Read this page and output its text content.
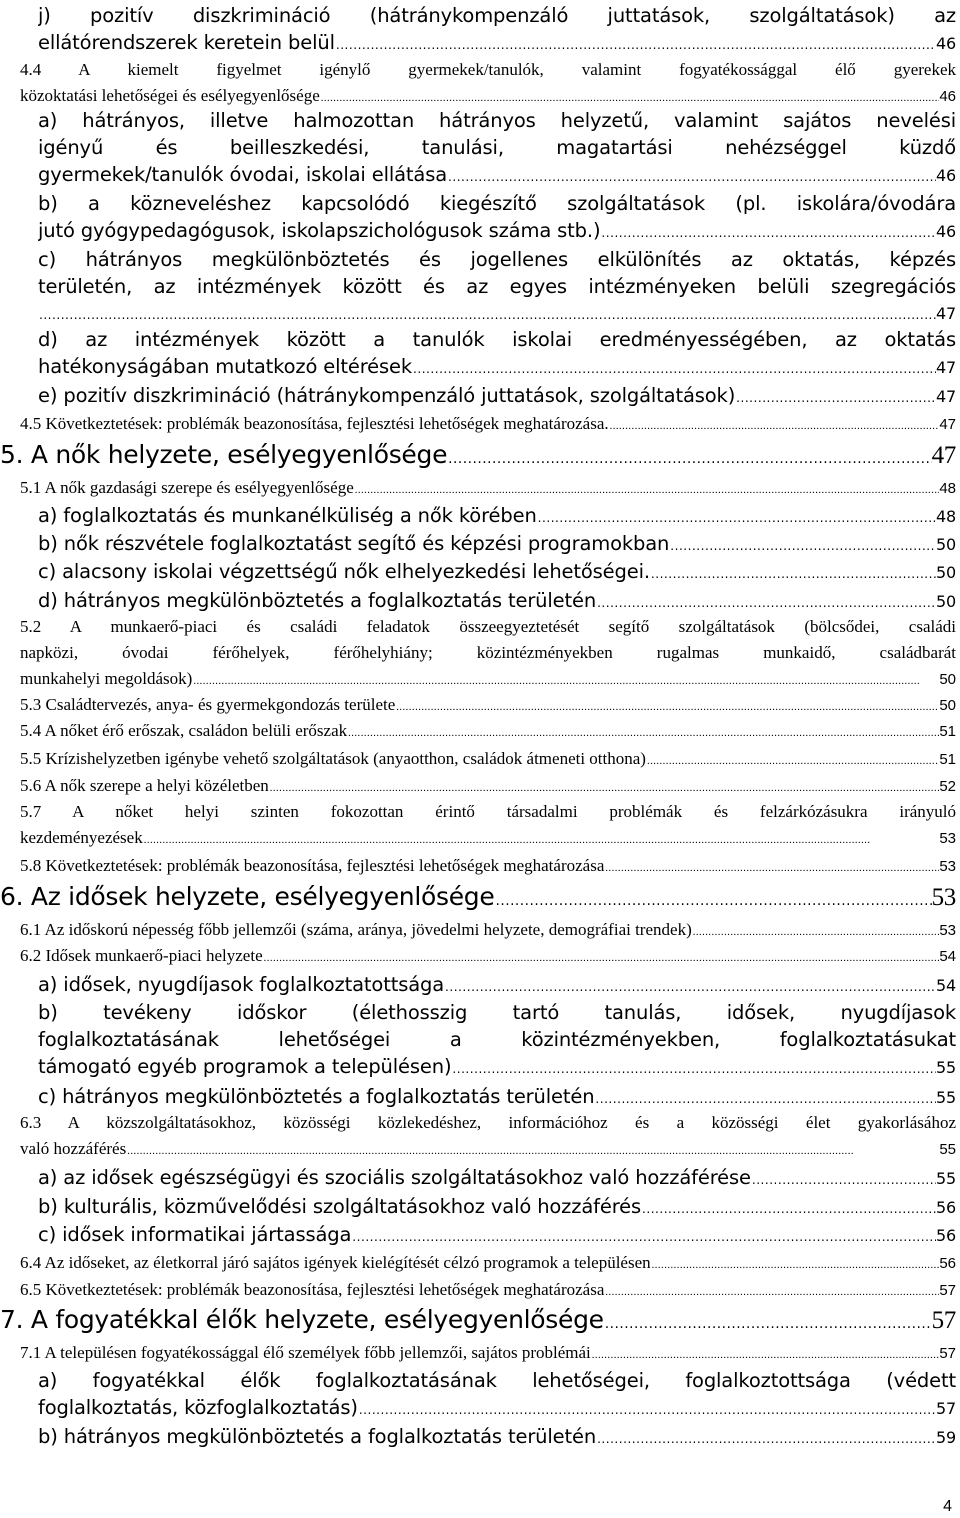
j) pozitív diszkrimináció (hátránykompenzáló juttatások, szolgáltatások) az
ellátórendszerek keretein belül .....	46
4.4 A kiemelt figyelmet igénylő gyermekek/tanulók, valamint fogyatékossággal élő gyerekek
közoktatási lehetőségei és esélyegyenlősége .....	46
a) hátrányos, illetve halmozottan hátrányos helyzetű, valamint sajátos nevelési
igényű és beilleszkedési, tanulási, magatartási nehézséggel küzdő
gyermekek/tanulók óvodai, iskolai ellátása .....	46
b) a közneveléshez kapcsolódó kiegészítő szolgáltatások (pl. iskolára/óvodára
jutó gyógypedagógusok, iskolapszichológusok száma stb.) .....	46
c) hátrányos megkülönböztetés és jogellenes elkülönítés az oktatás, képzés
területén, az intézmények között és az egyes intézményeken belüli szegregációs
.....
47
d) az intézmények között a tanulók iskolai eredményességében, az oktatás
hatékonyságában mutatkozó eltérések .....	47
e) pozitív diszkrimináció (hátránykompenzáló juttatások, szolgáltatások) .....	47
4.5 Következtetések: problémák beazonosítása, fejlesztési lehetőségek meghatározása. .....	47
5. A nők helyzete, esélyegyenlősége .....	47
5.1 A nők gazdasági szerepe és esélyegyenlősége .....	48
a) foglalkoztatás és munkanélküliség a nők körében .....	48
b) nők részvétele foglalkoztatást segítő és képzési programokban .....	50
c) alacsony iskolai végzettségű nők elhelyezkedési lehetőségei. .....	50
d) hátrányos megkülönböztetés a foglalkoztatás területén .....	50
5.2 A munkaerő-piaci és családi feladatok összeegyeztetését segítő szolgáltatások (bölcsődei, családi
napközi, óvodai férőhelyek, férőhelyhiány; közintézményekben rugalmas munkaidő, családbarát
munkahelyi megoldások) .....	50
5.3 Családtervezés, anya- és gyermekgondozás területe .....	50
5.4 A nőket érő erőszak, családon belüli erőszak .....	51
5.5 Krízishelyzetben igénybe vehető szolgáltatások (anyaotthon, családok átmeneti otthona) .....	51
5.6 A nők szerepe a helyi közéletben .....	52
5.7 A nőket helyi szinten fokozottan érintő társadalmi problémák és felzárkózásukra irányuló
kezdeményezések .....	53
5.8 Következtetések: problémák beazonosítása, fejlesztési lehetőségek meghatározása .....	53
6. Az idősek helyzete, esélyegyenlősége .....	53
6.1 Az időskorú népesség főbb jellemzői (száma, aránya, jövedelmi helyzete, demográfiai trendek) .....	53
6.2 Idősek munkaerő-piaci helyzete .....	54
a) idősek, nyugdíjasok foglalkoztatottsága .....	54
b) tevékeny időskor (élethosszig tartó tanulás, idősek, nyugdíjasok
foglalkoztatásának lehetőségei a közintézményekben, foglalkoztatásukat
támogató egyéb programok a településen) .....	55
c) hátrányos megkülönböztetés a foglalkoztatás területén .....	55
6.3 A közszolgáltatásokhoz, közösségi közlekedéshez, információhoz és a közösségi élet gyakorlásához
való hozzáférés .....	55
a) az idősek egészségügyi és szociális szolgáltatásokhoz való hozzáférése .....	55
b) kulturális, közművelődési szolgáltatásokhoz való hozzáférés .....	56
c) idősek informatikai jártassága .....	56
6.4 Az időseket, az életkorral járó sajátos igények kielégítését célzó programok a településen .....	56
6.5 Következtetések: problémák beazonosítása, fejlesztési lehetőségek meghatározása .....	57
7. A fogyatékkal élők helyzete, esélyegyenlősége .....	57
7.1 A településen fogyatékossággal élő személyek főbb jellemzői, sajátos problémái .....	57
a) fogyatékkal élők foglalkoztatásának lehetőségei, foglalkoztottsága (védett
foglalkoztatás, közfoglalkoztatás) .....	57
b) hátrányos megkülönböztetés a foglalkoztatás területén .....	59
4
